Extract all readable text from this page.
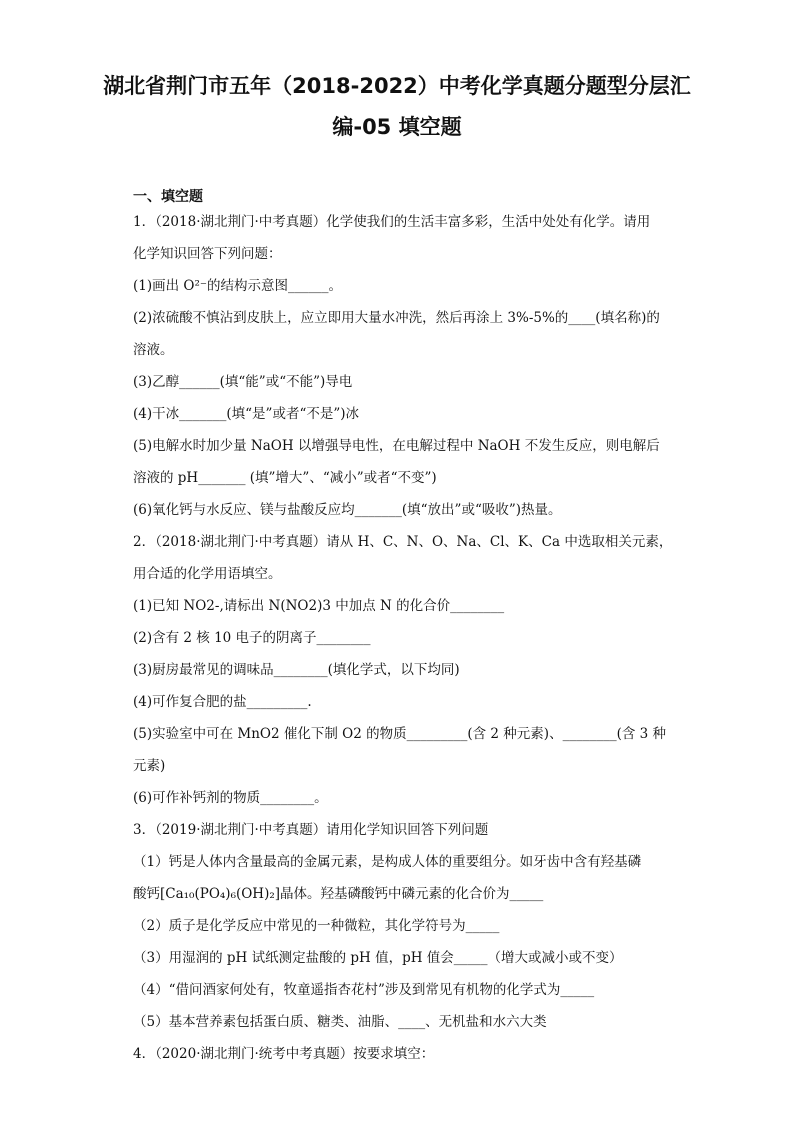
湖北省荆门市五年（2018-2022）中考化学真题分题型分层汇
编-05 填空题
一、填空题
1．（2018·湖北荆门·中考真题）化学使我们的生活丰富多彩，生活中处处有化学。请用
化学知识回答下列问题：
(1)画出 O²⁻的结构示意图______。
(2)浓硫酸不慎沾到皮肤上，应立即用大量水冲洗，然后再涂上 3%-5%的____(填名称)的
溶液。
(3)乙醇______(填“能”或“不能”)导电
(4)干冰_______(填“是”或者“不是”)冰
(5)电解水时加少量 NaOH 以增强导电性，在电解过程中 NaOH 不发生反应，则电解后
溶液的 pH_______ (填”增大”、“减小”或者“不变”)
(6)氧化钙与水反应、镁与盐酸反应均_______(填“放出”或“吸收”)热量。
2．（2018·湖北荆门·中考真题）请从 H、C、N、O、Na、Cl、K、Ca 中选取相关元素，
用合适的化学用语填空。
(1)已知 NO2-,请标出 N(NO2)3 中加点 N 的化合价________
(2)含有 2 核 10 电子的阴离子________
(3)厨房最常见的调味品________(填化学式，以下均同)
(4)可作复合肥的盐_________.
(5)实验室中可在 MnO2 催化下制 O2 的物质_________(含 2 种元素)、________(含 3 种
元素)
(6)可作补钙剂的物质________。
3．（2019·湖北荆门·中考真题）请用化学知识回答下列问题
（1）钙是人体内含量最高的金属元素，是构成人体的重要组分。如牙齿中含有羟基磷
酸钙[Ca₁₀(PO₄)₆(OH)₂]晶体。羟基磷酸钙中磷元素的化合价为_____
（2）质子是化学反应中常见的一种微粒，其化学符号为_____
（3）用湿润的 pH 试纸测定盐酸的 pH 值，pH 值会_____（增大或减小或不变）
（4）“借问酒家何处有，牧童遥指杏花村”涉及到常见有机物的化学式为_____
（5）基本营养素包括蛋白质、糖类、油脂、____、无机盐和水六大类
4．（2020·湖北荆门·统考中考真题）按要求填空：
